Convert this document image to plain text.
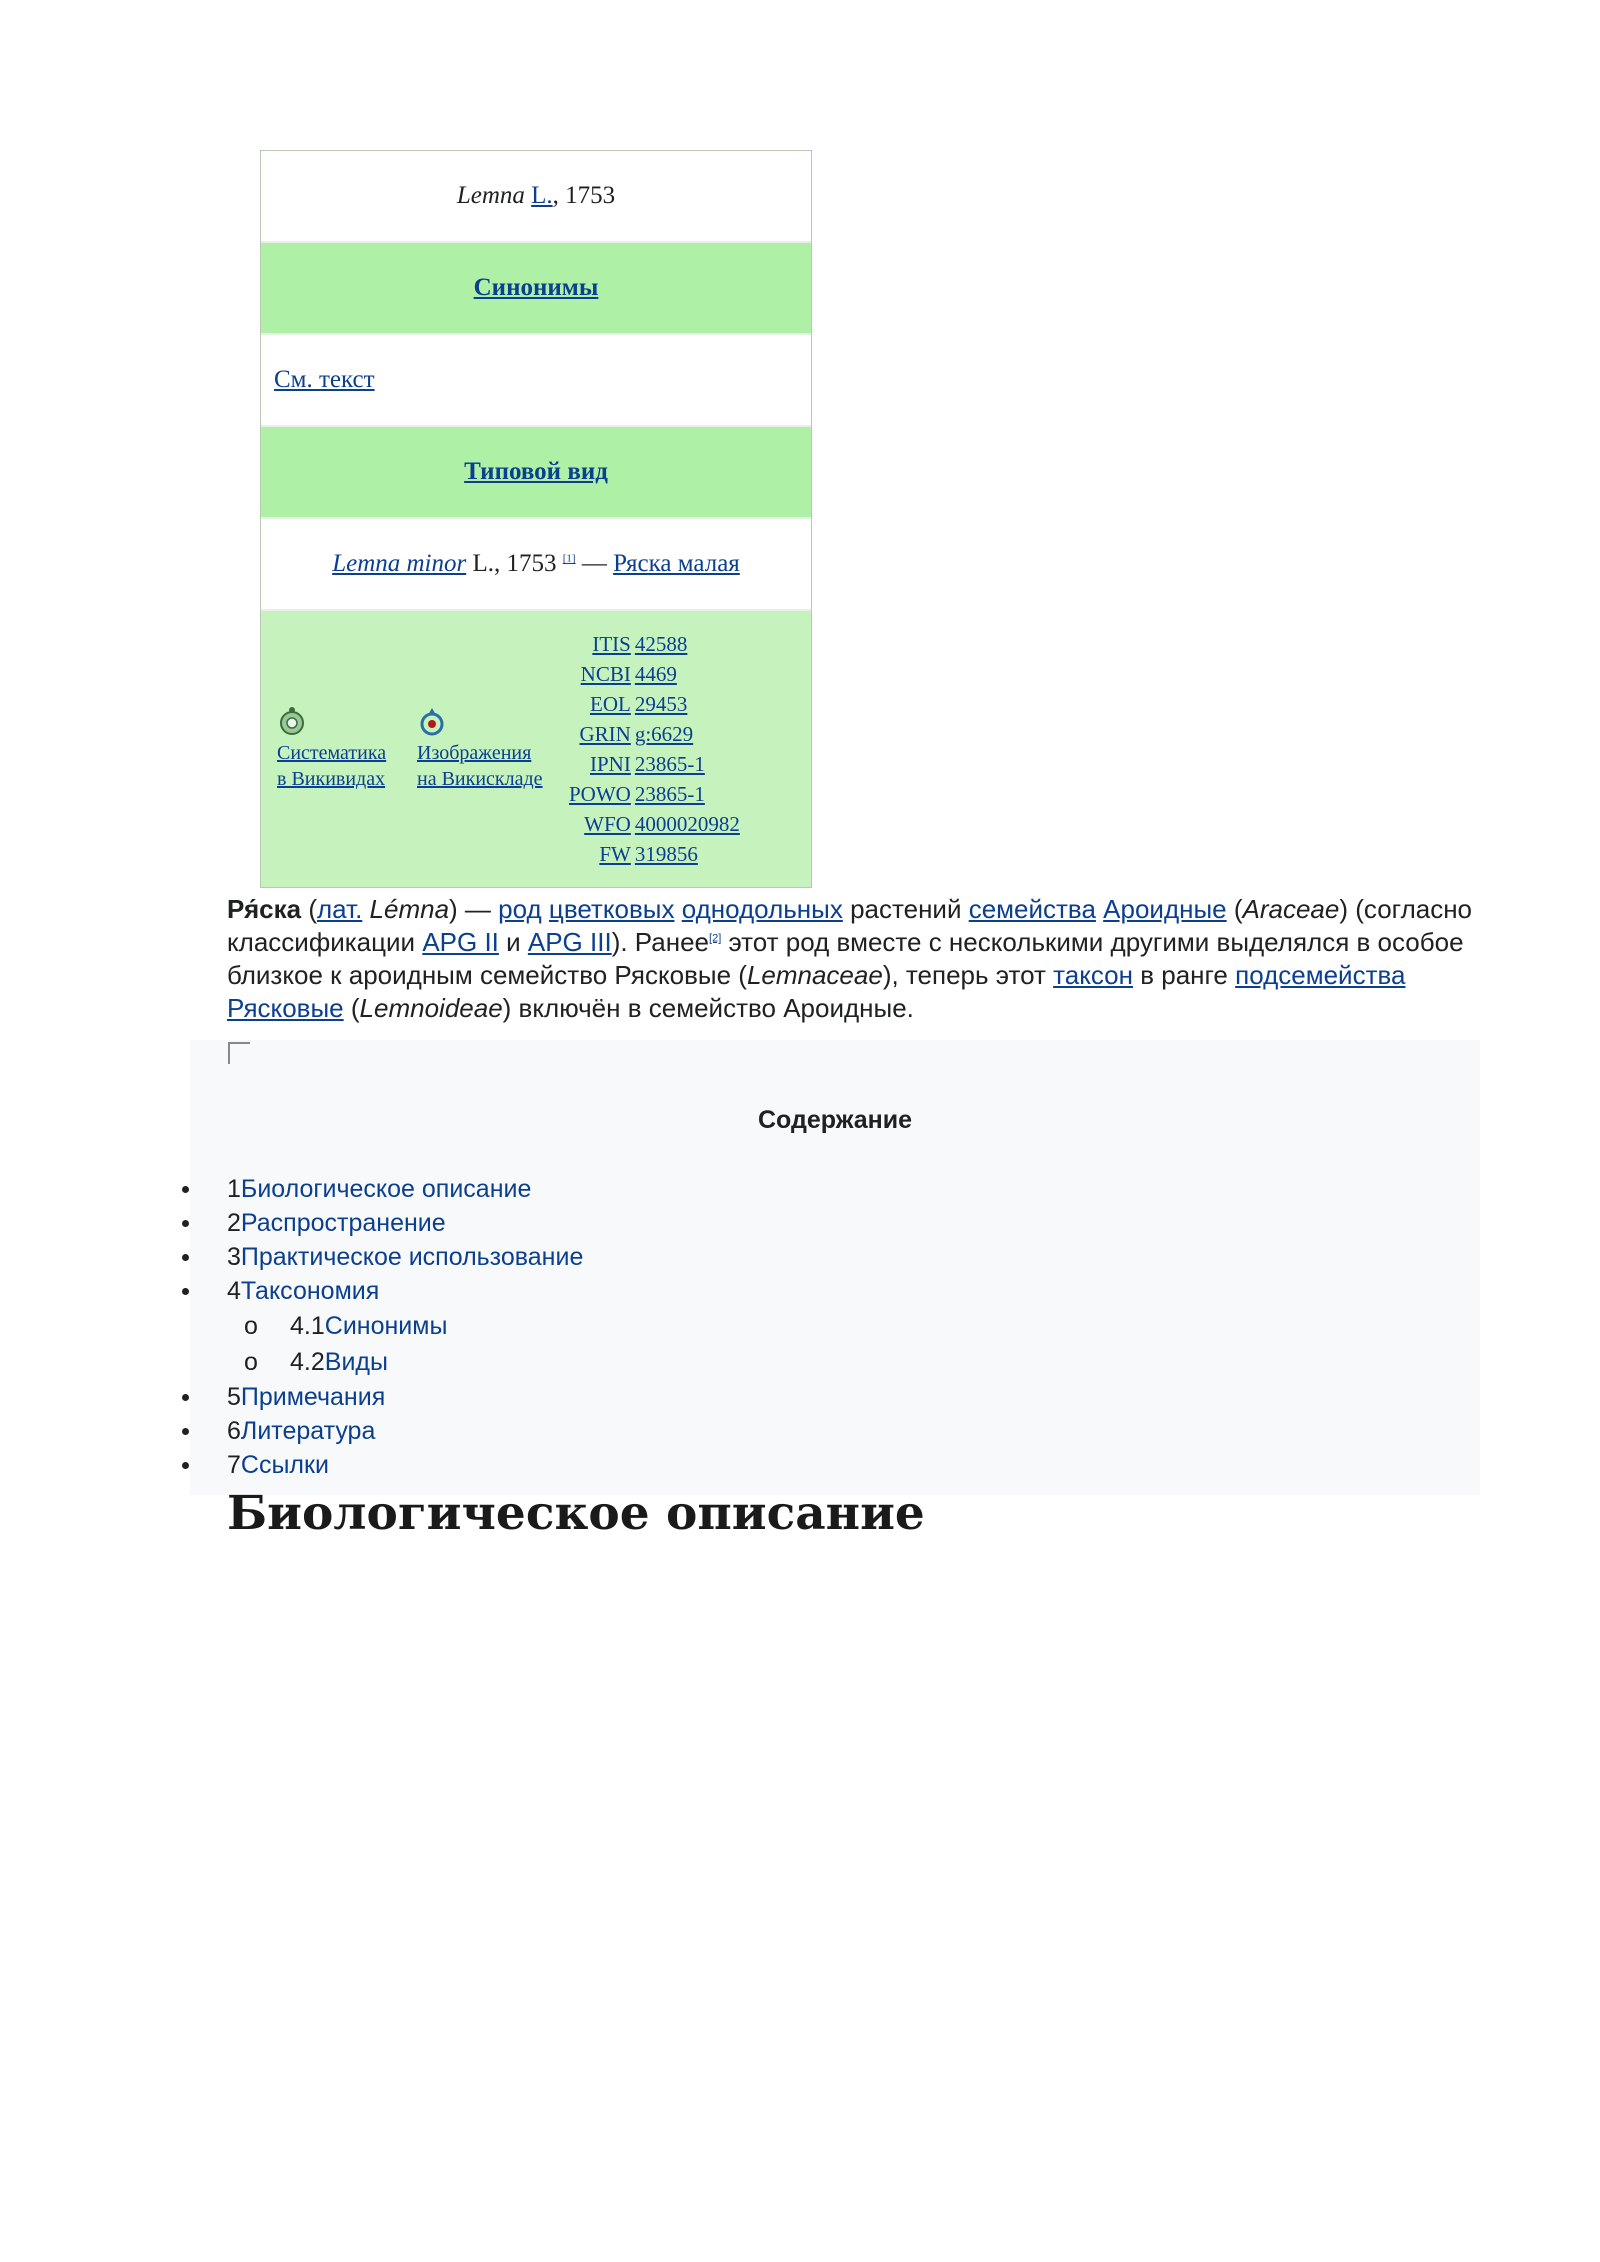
Lemna L., 1753
Синонимы
См. текст
Типовой вид
Lemna minor L., 1753 [1] — Ряска малая
Систематика
в Викивидах
Изображения
на Викискладе
ITIS	42588
NCBI	4469
EOL	29453
GRIN	g:6629
IPNI	23865-1
POWO	23865-1
WFO	4000020982
FW	319856

Ря́ска (лат. Lémna) — род цветковых однодольных растений семейства Ароидные (Araceae) (согласно классификации APG II и APG III). Ранее[2] этот род вместе с несколькими другими выделялся в особое близкое к ароидным семейство Рясковые (Lemnaceae), теперь этот таксон в ранге подсемейства Рясковые (Lemnoideae) включён в семейство Ароидные.

Содержание
1Биологическое описание
2Распространение
3Практическое использование
4Таксономия
o 4.1Синонимы
o 4.2Виды
5Примечания
6Литература
7Ссылки
Биологическое описание
